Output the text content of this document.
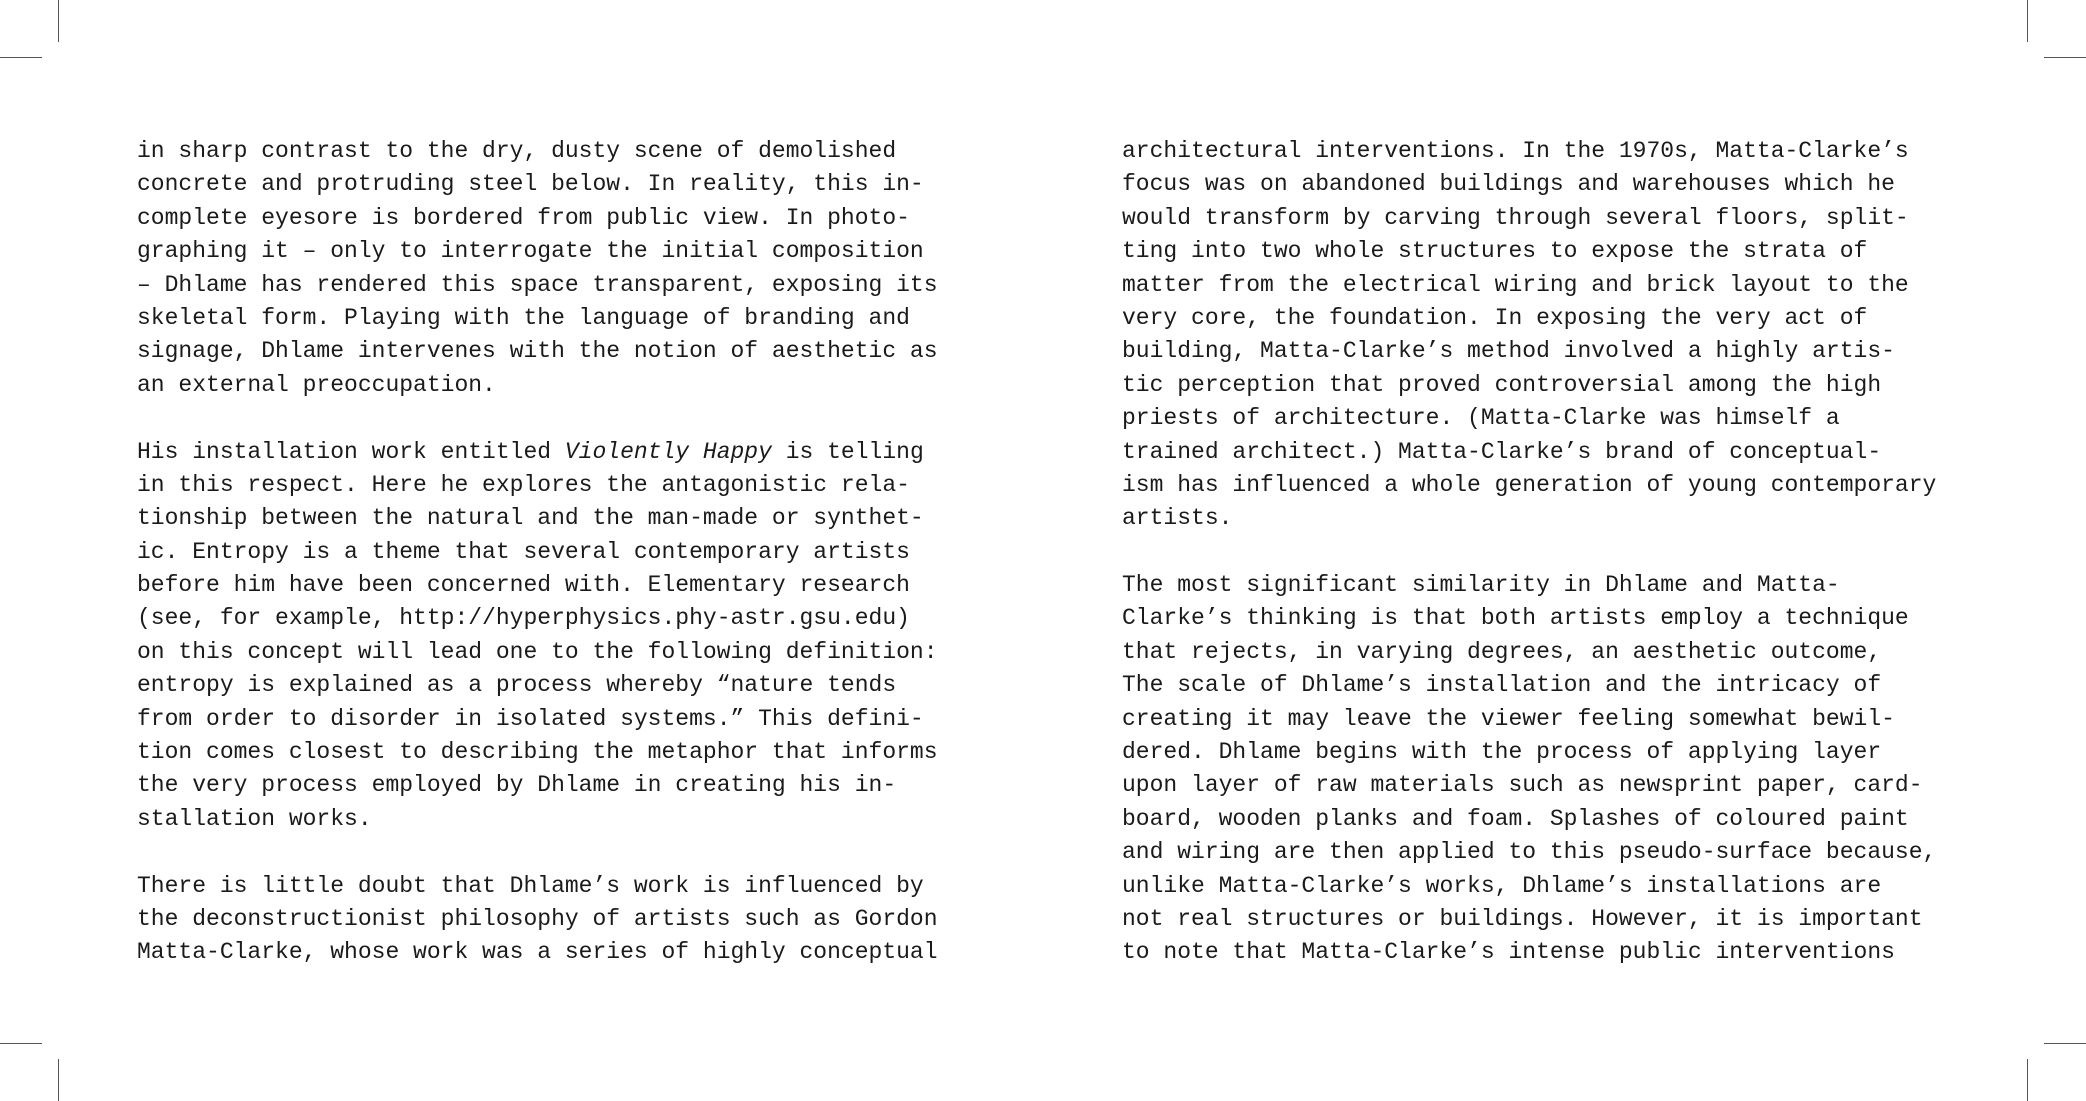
in sharp contrast to the dry, dusty scene of demolished
concrete and protruding steel below. In reality, this in-
complete eyesore is bordered from public view. In photo-
graphing it – only to interrogate the initial composition
– Dhlame has rendered this space transparent, exposing its
skeletal form. Playing with the language of branding and
signage, Dhlame intervenes with the notion of aesthetic as
an external preoccupation.
His installation work entitled Violently Happy is telling
in this respect. Here he explores the antagonistic rela-
tionship between the natural and the man-made or synthet-
ic. Entropy is a theme that several contemporary artists
before him have been concerned with. Elementary research
(see, for example, http://hyperphysics.phy-astr.gsu.edu)
on this concept will lead one to the following definition:
entropy is explained as a process whereby “nature tends
from order to disorder in isolated systems.” This defini-
tion comes closest to describing the metaphor that informs
the very process employed by Dhlame in creating his in-
stallation works.
There is little doubt that Dhlame’s work is influenced by
the deconstructionist philosophy of artists such as Gordon
Matta-Clarke, whose work was a series of highly conceptual
architectural interventions. In the 1970s, Matta-Clarke’s
focus was on abandoned buildings and warehouses which he
would transform by carving through several floors, split-
ting into two whole structures to expose the strata of
matter from the electrical wiring and brick layout to the
very core, the foundation. In exposing the very act of
building, Matta-Clarke’s method involved a highly artis-
tic perception that proved controversial among the high
priests of architecture. (Matta-Clarke was himself a
trained architect.) Matta-Clarke’s brand of conceptual-
ism has influenced a whole generation of young contemporary
artists.
The most significant similarity in Dhlame and Matta-
Clarke’s thinking is that both artists employ a technique
that rejects, in varying degrees, an aesthetic outcome,
The scale of Dhlame’s installation and the intricacy of
creating it may leave the viewer feeling somewhat bewil-
dered. Dhlame begins with the process of applying layer
upon layer of raw materials such as newsprint paper, card-
board, wooden planks and foam. Splashes of coloured paint
and wiring are then applied to this pseudo-surface because,
unlike Matta-Clarke’s works, Dhlame’s installations are
not real structures or buildings. However, it is important
to note that Matta-Clarke’s intense public interventions
